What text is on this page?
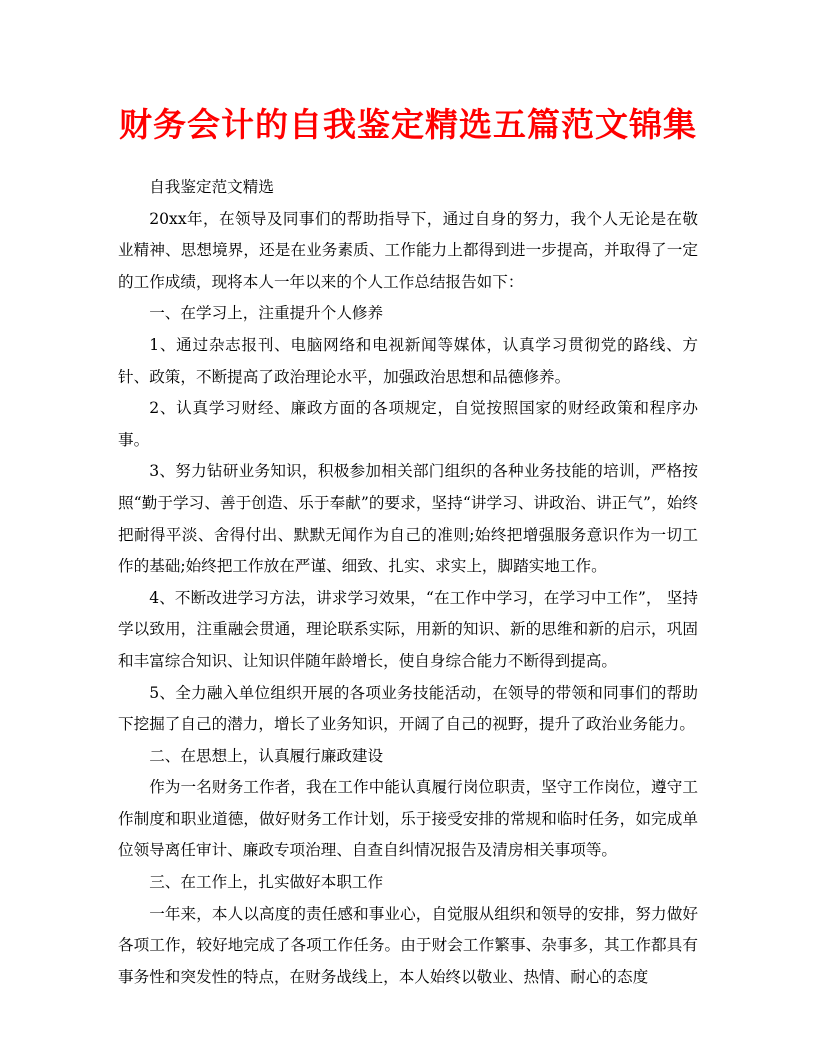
财务会计的自我鉴定精选五篇范文锦集

自我鉴定范文精选

20xx年，在领导及同事们的帮助指导下，通过自身的努力，我个人无论是在敬业精神、思想境界，还是在业务素质、工作能力上都得到进一步提高，并取得了一定的工作成绩，现将本人一年以来的个人工作总结报告如下：

一、在学习上，注重提升个人修养

1、通过杂志报刊、电脑网络和电视新闻等媒体，认真学习贯彻党的路线、方针、政策，不断提高了政治理论水平，加强政治思想和品德修养。

2、认真学习财经、廉政方面的各项规定，自觉按照国家的财经政策和程序办事。

3、努力钻研业务知识，积极参加相关部门组织的各种业务技能的培训，严格按照“勤于学习、善于创造、乐于奉献”的要求，坚持“讲学习、讲政治、讲正气”，始终把耐得平淡、舍得付出、默默无闻作为自己的准则;始终把增强服务意识作为一切工作的基础;始终把工作放在严谨、细致、扎实、求实上，脚踏实地工作。

4、不断改进学习方法，讲求学习效果，“在工作中学习，在学习中工作”， 坚持学以致用，注重融会贯通，理论联系实际，用新的知识、新的思维和新的启示，巩固和丰富综合知识、让知识伴随年龄增长，使自身综合能力不断得到提高。

5、全力融入单位组织开展的各项业务技能活动，在领导的带领和同事们的帮助下挖掘了自己的潜力，增长了业务知识，开阔了自己的视野，提升了政治业务能力。

二、在思想上，认真履行廉政建设

作为一名财务工作者，我在工作中能认真履行岗位职责，坚守工作岗位，遵守工作制度和职业道德，做好财务工作计划，乐于接受安排的常规和临时任务，如完成单位领导离任审计、廉政专项治理、自查自纠情况报告及清房相关事项等。

三、在工作上，扎实做好本职工作

一年来，本人以高度的责任感和事业心，自觉服从组织和领导的安排，努力做好各项工作，较好地完成了各项工作任务。由于财会工作繁事、杂事多，其工作都具有事务性和突发性的特点，在财务战线上，本人始终以敬业、热情、耐心的态度
